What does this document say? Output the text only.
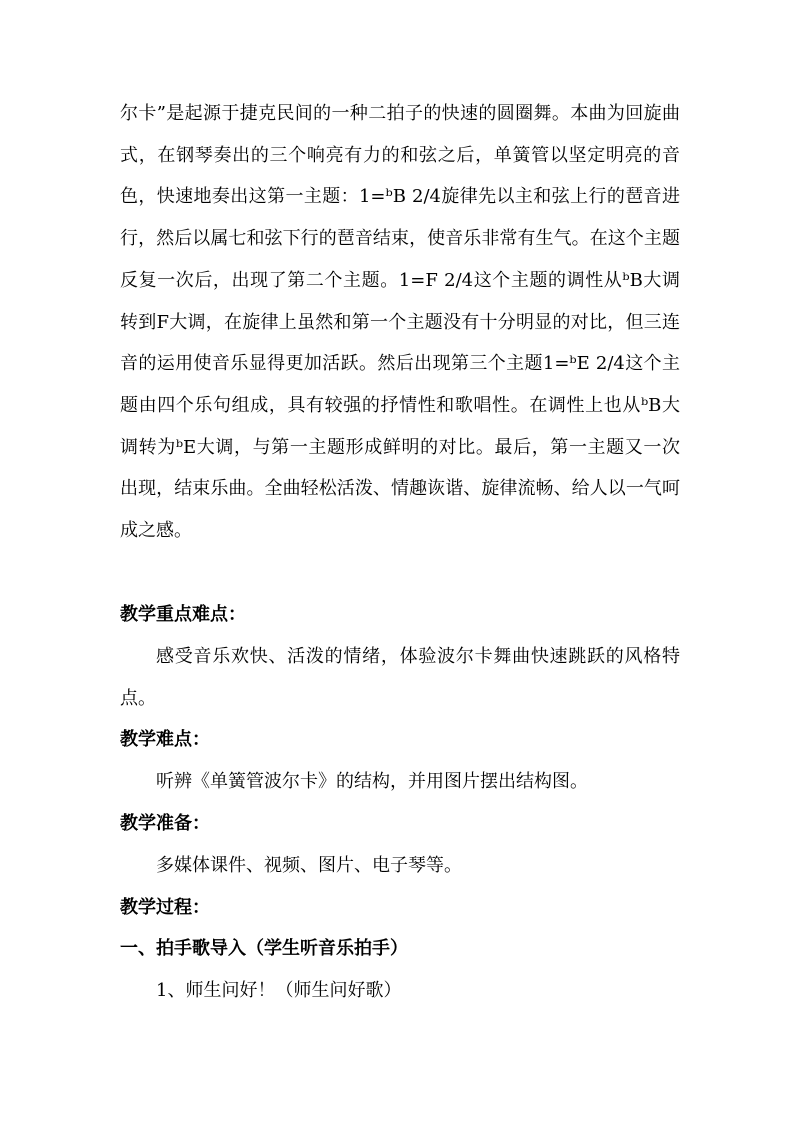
尔卡”是起源于捷克民间的一种二拍子的快速的圆圈舞。本曲为回旋曲式，在钢琴奏出的三个响亮有力的和弦之后，单簧管以坚定明亮的音色，快速地奏出这第一主题：1=ᵇB 2/4旋律先以主和弦上行的琶音进行，然后以属七和弦下行的琶音结束，使音乐非常有生气。在这个主题反复一次后，出现了第二个主题。1=F 2/4这个主题的调性从ᵇB大调转到F大调，在旋律上虽然和第一个主题没有十分明显的对比，但三连音的运用使音乐显得更加活跃。然后出现第三个主题1=ᵇE 2/4这个主题由四个乐句组成，具有较强的抒情性和歌唱性。在调性上也从ᵇB大调转为ᵇE大调，与第一主题形成鲜明的对比。最后，第一主题又一次出现，结束乐曲。全曲轻松活泼、情趣诙谐、旋律流畅、给人以一气呵成之感。

教学重点难点：

感受音乐欢快、活泼的情绪，体验波尔卡舞曲快速跳跃的风格特点。

教学难点：

听辨《单簧管波尔卡》的结构，并用图片摆出结构图。

教学准备：

多媒体课件、视频、图片、电子琴等。

教学过程：

一、拍手歌导入（学生听音乐拍手）

1、师生问好！（师生问好歌）
